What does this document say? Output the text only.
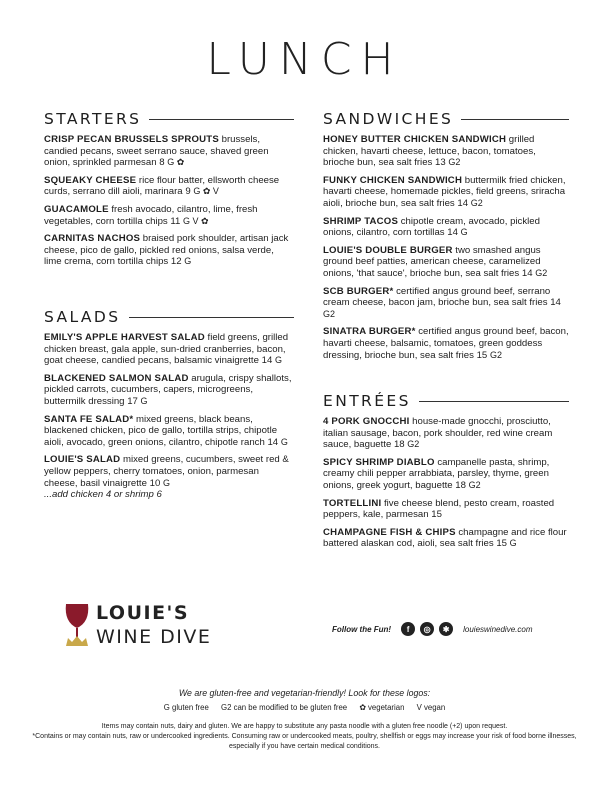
LUNCH
STARTERS
CRISP PECAN BRUSSELS SPROUTS brussels, candied pecans, sweet serrano sauce, shaved green onion, sprinkled parmesan 8 G ✿
SQUEAKY CHEESE rice flour batter, ellsworth cheese curds, serrano dill aioli, marinara 9 G ✿ V
GUACAMOLE fresh avocado, cilantro, lime, fresh vegetables, corn tortilla chips 11 G V ✿
CARNITAS NACHOS braised pork shoulder, artisan jack cheese, pico de gallo, pickled red onions, salsa verde, lime crema, corn tortilla chips 12 G
SALADS
EMILY'S APPLE HARVEST SALAD field greens, grilled chicken breast, gala apple, sun-dried cranberries, bacon, goat cheese, candied pecans, balsamic vinaigrette 14 G
BLACKENED SALMON SALAD arugula, crispy shallots, pickled carrots, cucumbers, capers, microgreens, buttermilk dressing 17 G
SANTA FE SALAD* mixed greens, black beans, blackened chicken, pico de gallo, tortilla strips, chipotle aioli, avocado, green onions, cilantro, chipotle ranch 14 G
LOUIE'S SALAD mixed greens, cucumbers, sweet red & yellow peppers, cherry tomatoes, onion, parmesan cheese, basil vinaigrette 10 G
...add chicken 4 or shrimp 6
SANDWICHES
HONEY BUTTER CHICKEN SANDWICH grilled chicken, havarti cheese, lettuce, bacon, tomatoes, brioche bun, sea salt fries 13 G2
FUNKY CHICKEN SANDWICH buttermilk fried chicken, havarti cheese, homemade pickles, field greens, sriracha aioli, brioche bun, sea salt fries 14 G2
SHRIMP TACOS chipotle cream, avocado, pickled onions, cilantro, corn tortillas 14 G
LOUIE'S DOUBLE BURGER two smashed angus ground beef patties, american cheese, caramelized onions, 'that sauce', brioche bun, sea salt fries 14 G2
SCB BURGER* certified angus ground beef, serrano cream cheese, bacon jam, brioche bun, sea salt fries 14 G2
SINATRA BURGER* certified angus ground beef, bacon, havarti cheese, balsamic, tomatoes, green goddess dressing, brioche bun, sea salt fries 15 G2
ENTRÉES
4 PORK GNOCCHI house-made gnocchi, prosciutto, italian sausage, bacon, pork shoulder, red wine cream sauce, baguette 18 G2
SPICY SHRIMP DIABLO campanelle pasta, shrimp, creamy chili pepper arrabbiata, parsley, thyme, green onions, greek yogurt, baguette 18 G2
TORTELLINI five cheese blend, pesto cream, roasted peppers, kale, parmesan 15
CHAMPAGNE FISH & CHIPS champagne and rice flour battered alaskan cod, aioli, sea salt fries 15 G
LOUIE'S
WINE DIVE	Follow the Fun!	f	◎	✱	louieswinedive.com
We are gluten-free and vegetarian-friendly! Look for these logos:
G gluten free G2 can be modified to be gluten free ✿ vegetarian V vegan
Items may contain nuts, dairy and gluten. We are happy to substitute any pasta noodle with a gluten free noodle (+2) upon request.
*Contains or may contain nuts, raw or undercooked ingredients. Consuming raw or undercooked meats, poultry, shellfish or eggs may increase your risk of food borne illnesses, especially if you have certain medical conditions.
